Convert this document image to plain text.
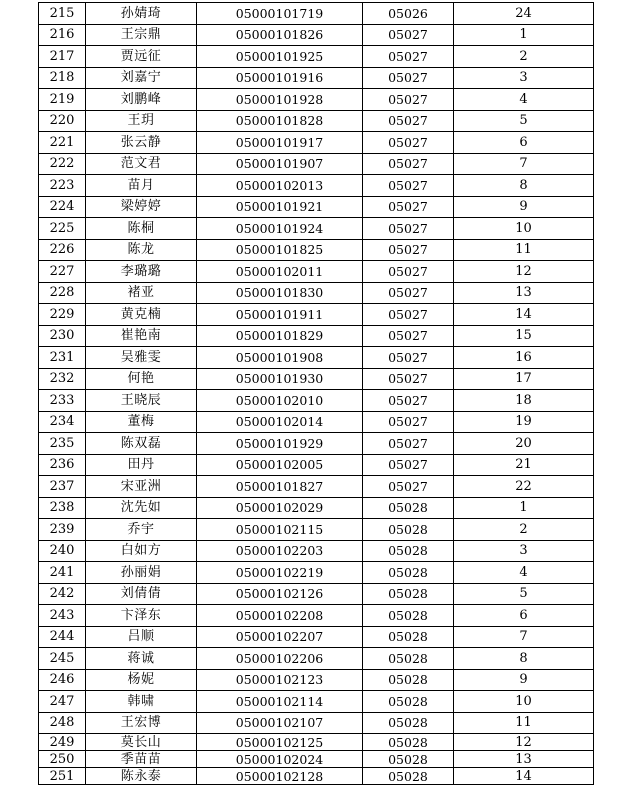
215	孙婧琦	05000101719	05026	24
216	王宗鼎	05000101826	05027	1
217	贾远征	05000101925	05027	2
218	刘嘉宁	05000101916	05027	3
219	刘鹏峰	05000101928	05027	4
220	王玥	05000101828	05027	5
221	张云静	05000101917	05027	6
222	范文君	05000101907	05027	7
223	苗月	05000102013	05027	8
224	梁婷婷	05000101921	05027	9
225	陈桐	05000101924	05027	10
226	陈龙	05000101825	05027	11
227	李璐璐	05000102011	05027	12
228	褚亚	05000101830	05027	13
229	黄克楠	05000101911	05027	14
230	崔艳南	05000101829	05027	15
231	吴雅雯	05000101908	05027	16
232	何艳	05000101930	05027	17
233	王晓辰	05000102010	05027	18
234	董梅	05000102014	05027	19
235	陈双磊	05000101929	05027	20
236	田丹	05000102005	05027	21
237	宋亚洲	05000101827	05027	22
238	沈先如	05000102029	05028	1
239	乔宇	05000102115	05028	2
240	白如方	05000102203	05028	3
241	孙丽娟	05000102219	05028	4
242	刘倩倩	05000102126	05028	5
243	卞泽东	05000102208	05028	6
244	吕顺	05000102207	05028	7
245	蒋诚	05000102206	05028	8
246	杨妮	05000102123	05028	9
247	韩啸	05000102114	05028	10
248	王宏博	05000102107	05028	11
249	莫长山	05000102125	05028	12
250	季苗苗	05000102024	05028	13
251	陈永泰	05000102128	05028	14
